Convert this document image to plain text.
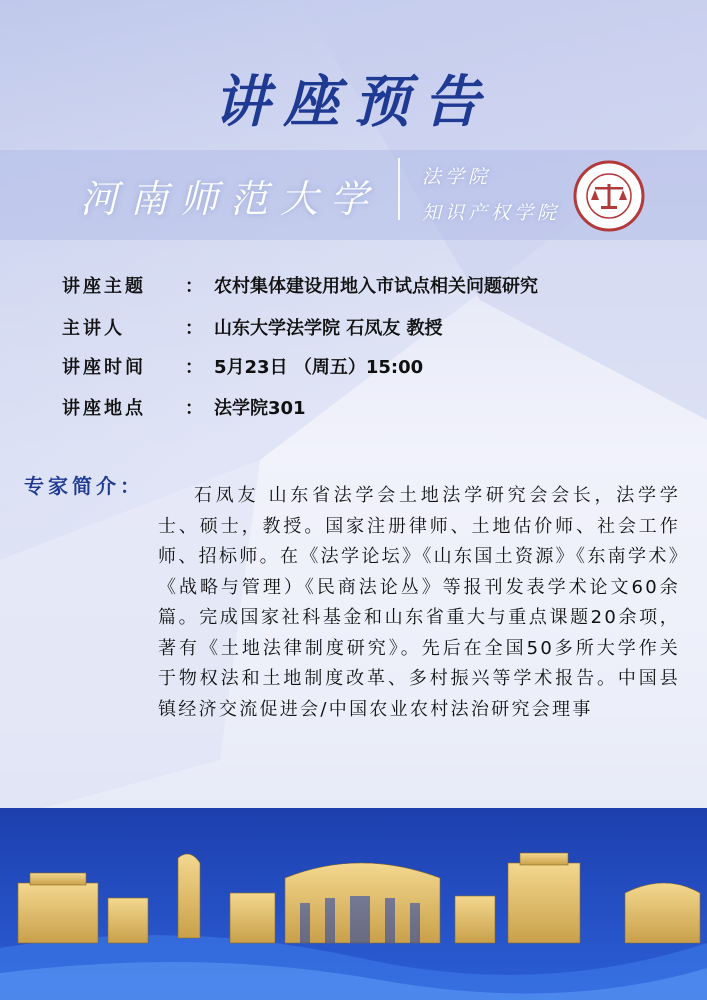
讲座预告
河南师范大学 法学院
知识产权学院
讲座主题	： 农村集体建设用地入市试点相关问题研究
主讲人	： 山东大学法学院 石凤友 教授
讲座时间	： 5月23日 （周五）15:00
讲座地点	： 法学院301
专家简介：	石凤友 山东省法学会土地法学研究会会长，法学学士、硕士，教授。国家注册律师、土地估价师、社会工作师、招标师。在《法学论坛》《山东国土资源》《东南学术》《战略与管理）《民商法论丛》等报刊发表学术论文60余篇。完成国家社科基金和山东省重大与重点课题20余项，著有《土地法律制度研究》。先后在全国50多所大学作关于物权法和土地制度改革、多村振兴等学术报告。中国县镇经济交流促进会/中国农业农村法治研究会理事
